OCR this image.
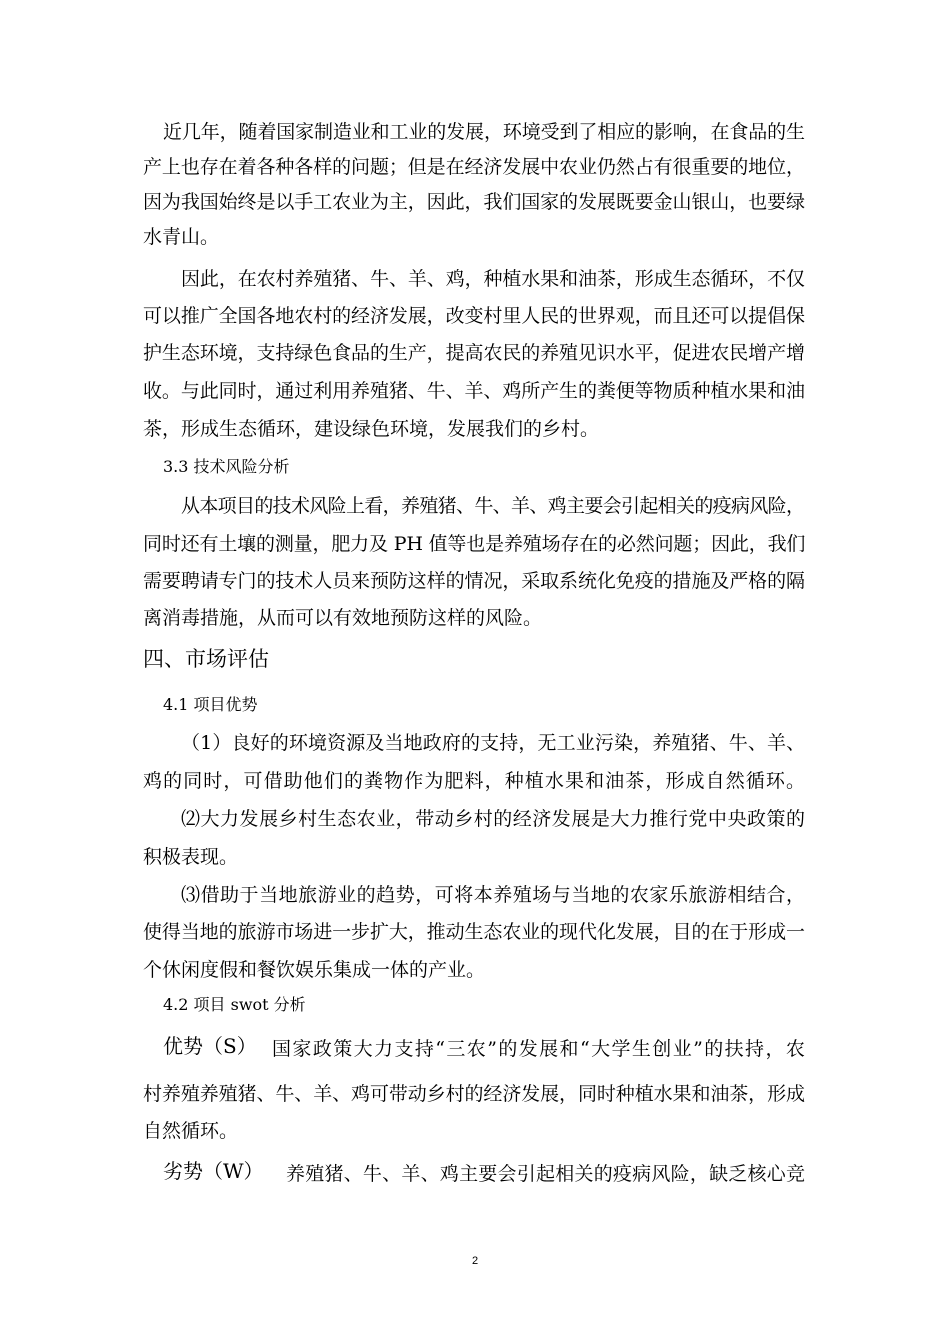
近几年，随着国家制造业和工业的发展，环境受到了相应的影响，在食品的生
产上也存在着各种各样的问题；但是在经济发展中农业仍然占有很重要的地位，
因为我国始终是以手工农业为主，因此，我们国家的发展既要金山银山，也要绿
水青山。
因此，在农村养殖猪、牛、羊、鸡，种植水果和油茶，形成生态循环，不仅
可以推广全国各地农村的经济发展，改变村里人民的世界观，而且还可以提倡保
护生态环境，支持绿色食品的生产，提高农民的养殖见识水平，促进农民增产增
收。与此同时，通过利用养殖猪、牛、羊、鸡所产生的粪便等物质种植水果和油
茶，形成生态循环，建设绿色环境，发展我们的乡村。
3.3 技术风险分析
从本项目的技术风险上看，养殖猪、牛、羊、鸡主要会引起相关的疫病风险，
同时还有土壤的测量，肥力及 PH 值等也是养殖场存在的必然问题；因此，我们
需要聘请专门的技术人员来预防这样的情况，采取系统化免疫的措施及严格的隔
离消毒措施，从而可以有效地预防这样的风险。
四、市场评估
4.1 项目优势
（1）良好的环境资源及当地政府的支持，无工业污染，养殖猪、牛、羊、
鸡的同时，可借助他们的粪物作为肥料，种植水果和油茶，形成自然循环。
⑵大力发展乡村生态农业，带动乡村的经济发展是大力推行党中央政策的
积极表现。
⑶借助于当地旅游业的趋势，可将本养殖场与当地的农家乐旅游相结合，
使得当地的旅游市场进一步扩大，推动生态农业的现代化发展，目的在于形成一
个休闲度假和餐饮娱乐集成一体的产业。
4.2 项目 swot 分析
优势（S） 国家政策大力支持“三农”的发展和“大学生创业”的扶持，农
村养殖养殖猪、牛、羊、鸡可带动乡村的经济发展，同时种植水果和油茶，形成
自然循环。
劣势（W） 养殖猪、牛、羊、鸡主要会引起相关的疫病风险，缺乏核心竞
2
